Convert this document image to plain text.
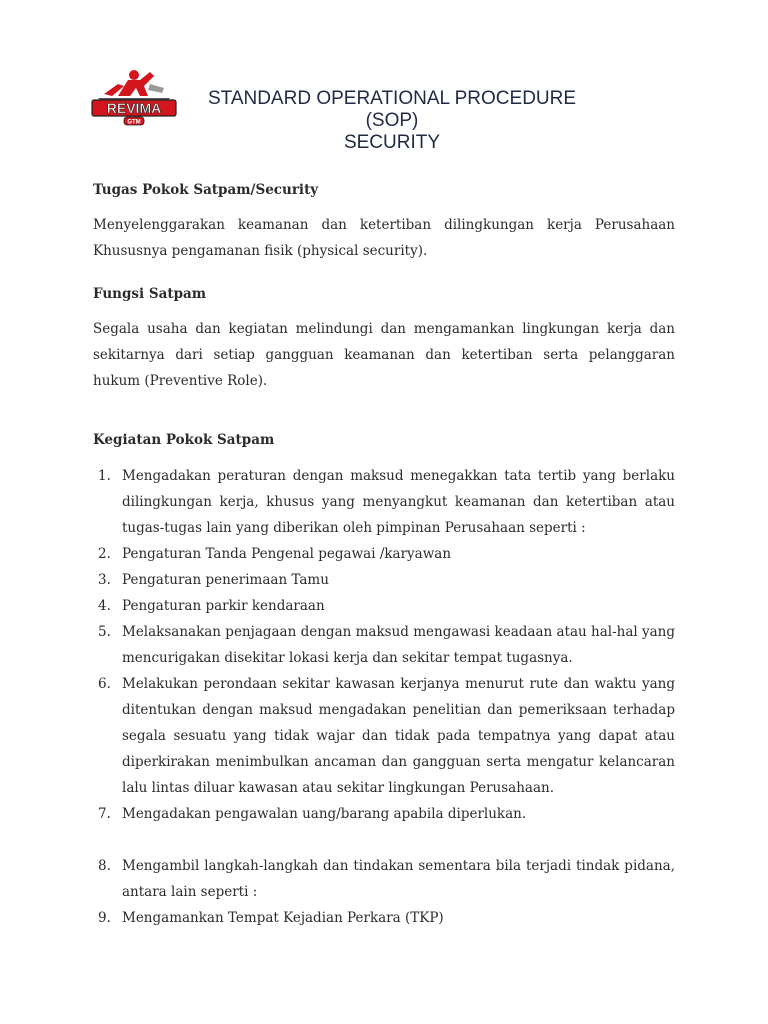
REVIMA
GTM
STANDARD OPERATIONAL PROCEDURE
(SOP)
SECURITY
Tugas Pokok Satpam/Security

Menyelenggarakan keamanan dan ketertiban dilingkungan kerja Perusahaan Khususnya pengamanan fisik (physical security).

Fungsi Satpam

Segala usaha dan kegiatan melindungi dan mengamankan lingkungan kerja dan sekitarnya dari setiap gangguan keamanan dan ketertiban serta pelanggaran hukum (Preventive Role).

Kegiatan Pokok Satpam
1. Mengadakan peraturan dengan maksud menegakkan tata tertib yang berlaku dilingkungan kerja, khusus yang menyangkut keamanan dan ketertiban atau tugas-tugas lain yang diberikan oleh pimpinan Perusahaan seperti :
2. Pengaturan Tanda Pengenal pegawai /karyawan
3. Pengaturan penerimaan Tamu
4. Pengaturan parkir kendaraan
5. Melaksanakan penjagaan dengan maksud mengawasi keadaan atau hal-hal yang mencurigakan disekitar lokasi kerja dan sekitar tempat tugasnya.
6. Melakukan perondaan sekitar kawasan kerjanya menurut rute dan waktu yang ditentukan dengan maksud mengadakan penelitian dan pemeriksaan terhadap segala sesuatu yang tidak wajar dan tidak pada tempatnya yang dapat atau diperkirakan menimbulkan ancaman dan gangguan serta mengatur kelancaran lalu lintas diluar kawasan atau sekitar lingkungan Perusahaan.
7. Mengadakan pengawalan uang/barang apabila diperlukan.
8. Mengambil langkah-langkah dan tindakan sementara bila terjadi tindak pidana, antara lain seperti :
9. Mengamankan Tempat Kejadian Perkara (TKP)
